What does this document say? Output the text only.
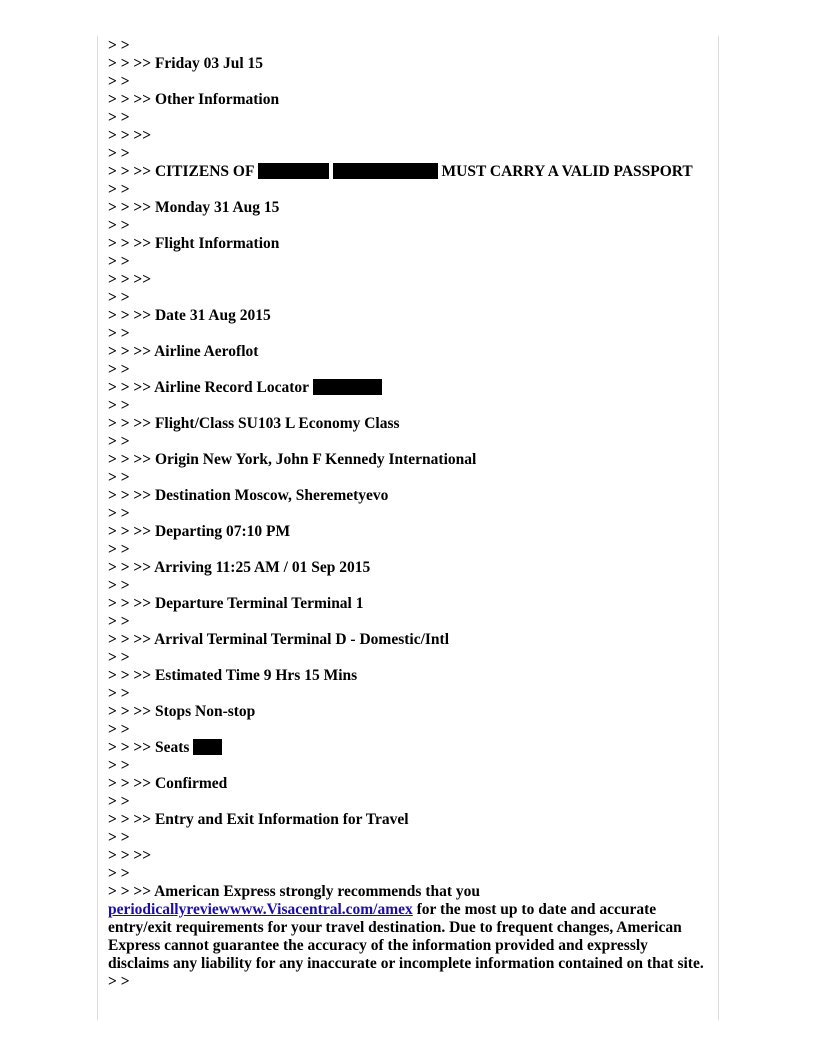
> >
> > >> Friday 03 Jul 15
> >
> > >> Other Information
> >
> > >>
> >
> > >> CITIZENS OF	MUST CARRY A VALID PASSPORT
> >
> > >> Monday 31 Aug 15
> >
> > >> Flight Information
> >
> > >>
> >
> > >> Date 31 Aug 2015
> >
> > >> Airline Aeroflot
> >
> > >> Airline Record Locator
> >
> > >> Flight/Class SU103 L Economy Class
> >
> > >> Origin New York, John F Kennedy International
> >
> > >> Destination Moscow, Sheremetyevo
> >
> > >> Departing 07:10 PM
> >
> > >> Arriving 11:25 AM / 01 Sep 2015
> >
> > >> Departure Terminal Terminal 1
> >
> > >> Arrival Terminal Terminal D - Domestic/Intl
> >
> > >> Estimated Time 9 Hrs 15 Mins
> >
> > >> Stops Non-stop
> >
> > >> Seats
> >
> > >> Confirmed
> >
> > >> Entry and Exit Information for Travel
> >
> > >>
> >
> > >> American Express strongly recommends that you
periodicallyreviewwww.Visacentral.com/amex for the most up to date and accurate entry/exit requirements for your travel destination. Due to frequent changes, American Express cannot guarantee the accuracy of the information provided and expressly disclaims any liability for any inaccurate or incomplete information contained on that site.
> >
